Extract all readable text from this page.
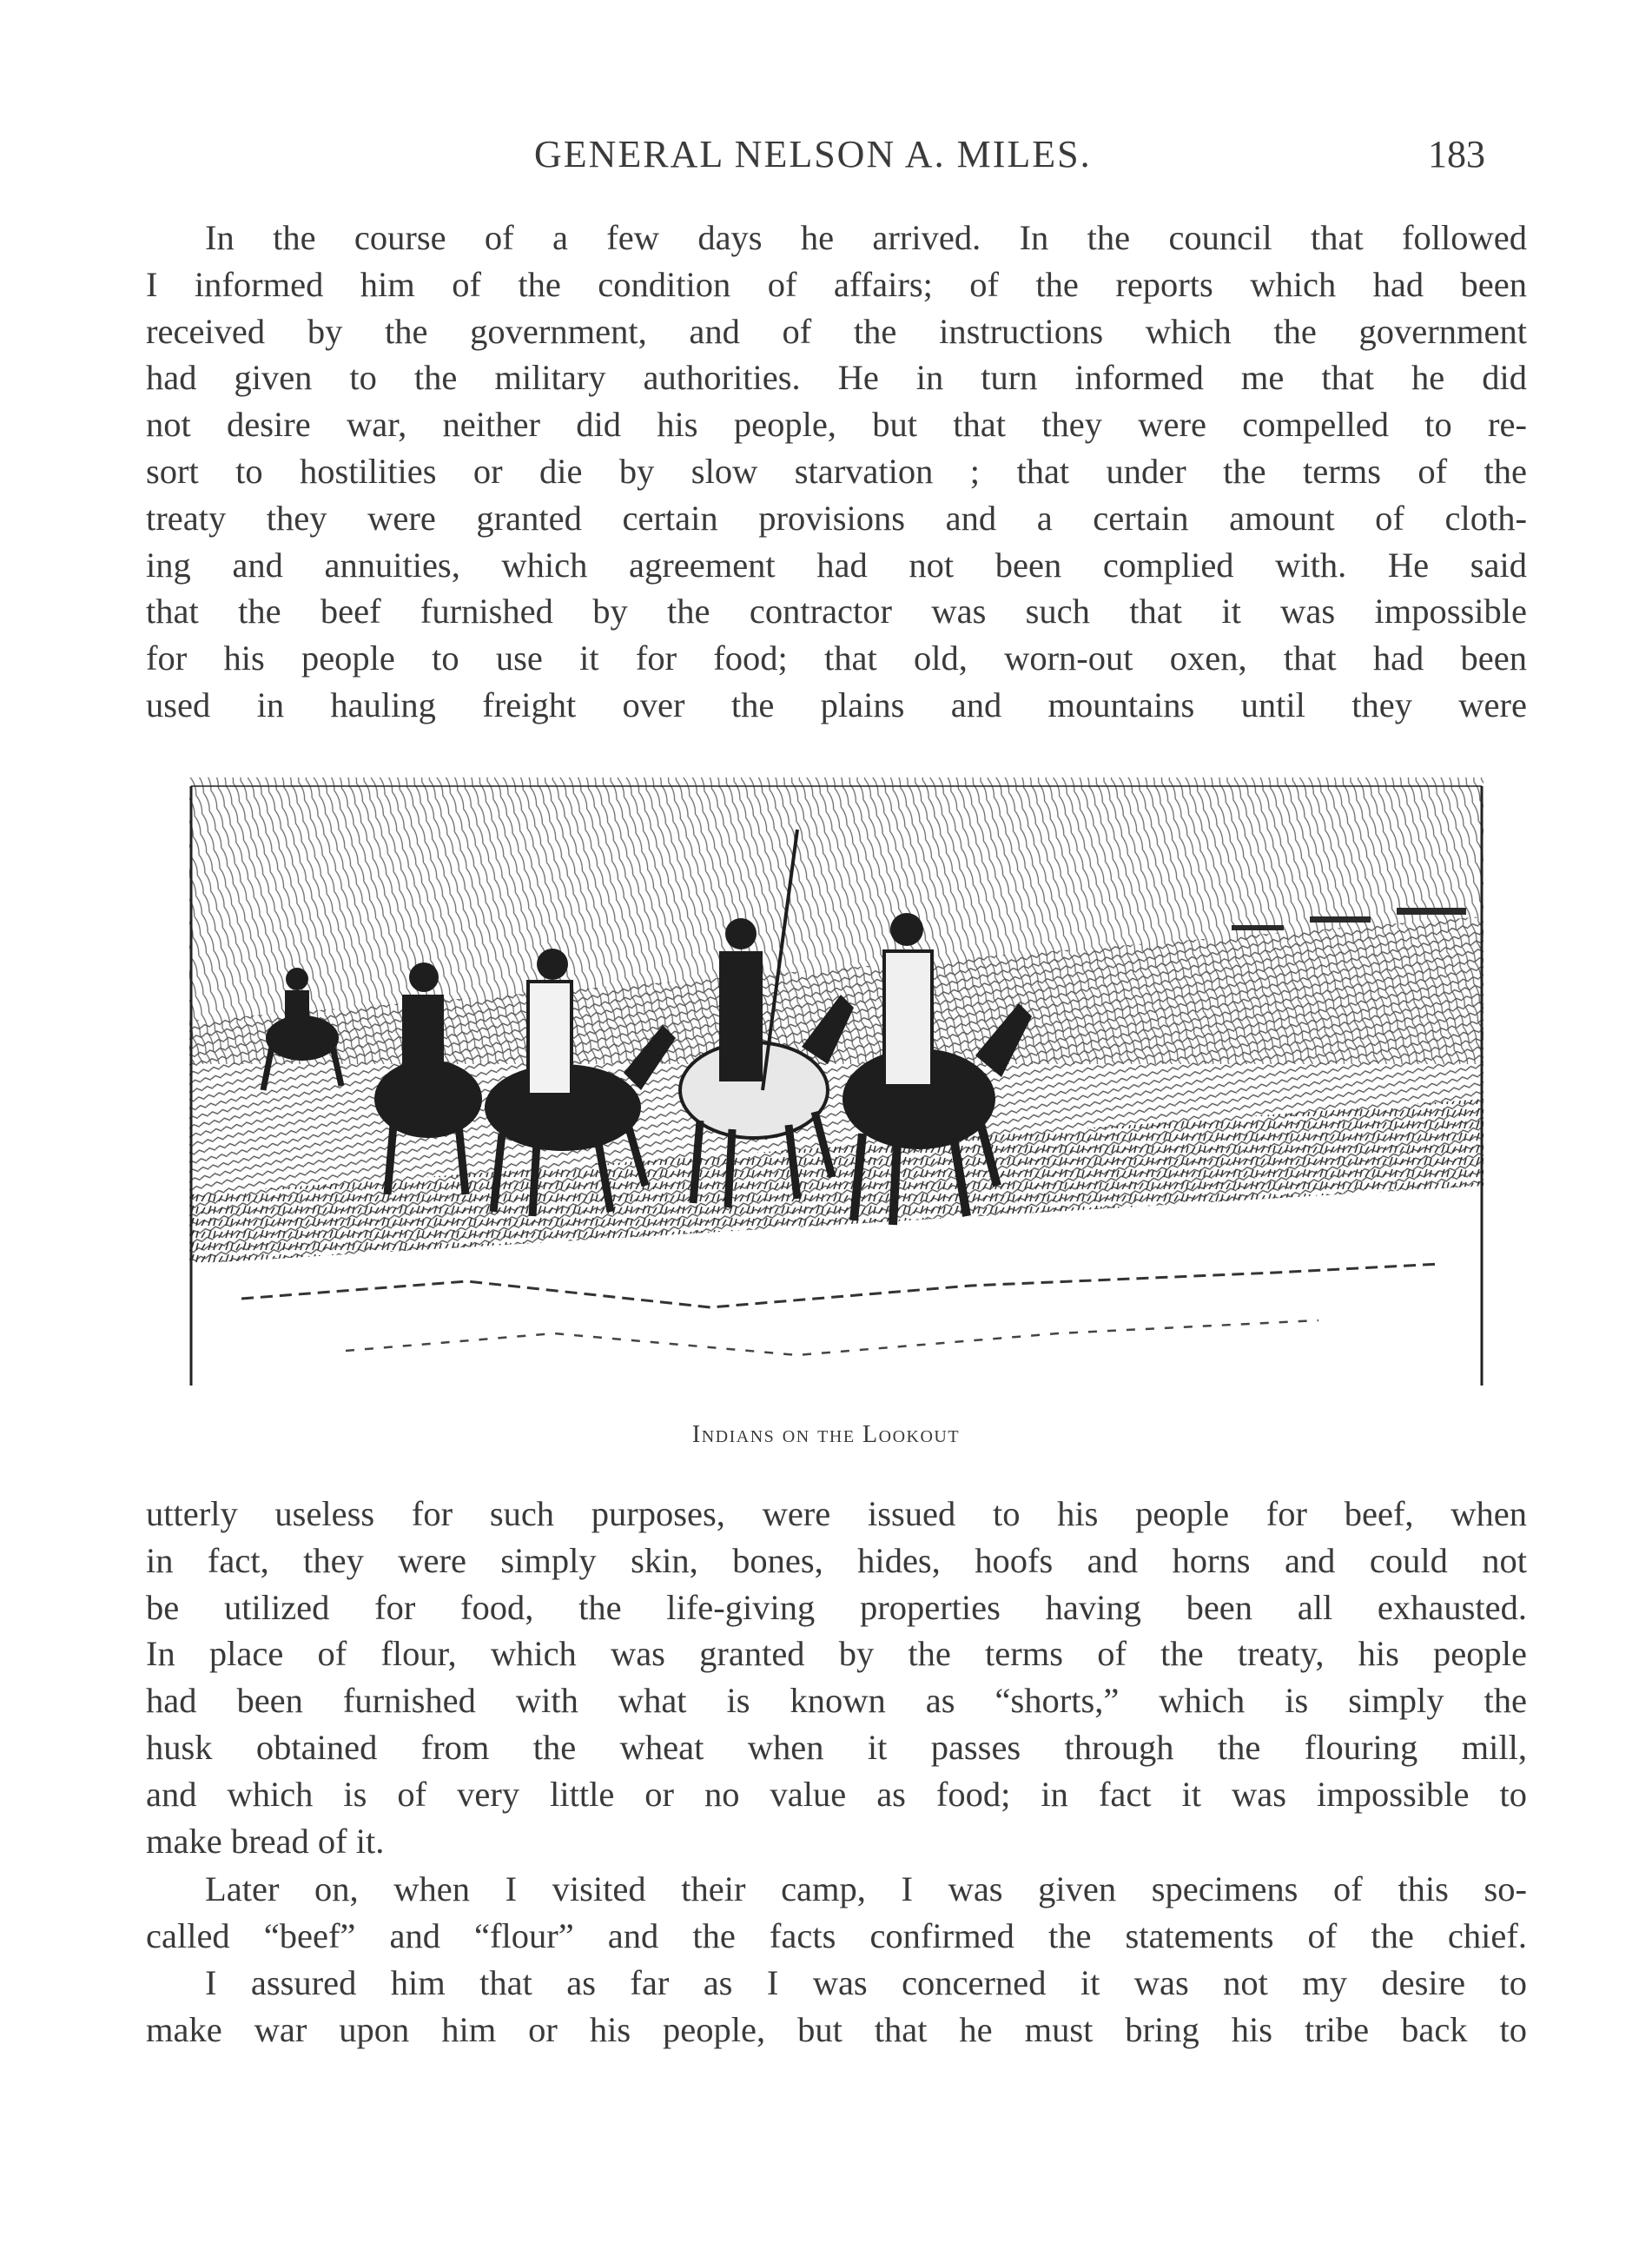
GENERAL NELSON A. MILES.	183
In the course of a few days he arrived. In the council that followed
I informed him of the condition of affairs; of the reports which had been
received by the government, and of the instructions which the government
had given to the military authorities. He in turn informed me that he did
not desire war, neither did his people, but that they were compelled to re-
sort to hostilities or die by slow starvation ; that under the terms of the
treaty they were granted certain provisions and a certain amount of cloth-
ing and annuities, which agreement had not been complied with. He said
that the beef furnished by the contractor was such that it was impossible
for his people to use it for food; that old, worn-out oxen, that had been
used in hauling freight over the plains and mountains until they were
Indians on the Lookout
utterly useless for such purposes, were issued to his people for beef, when
in fact, they were simply skin, bones, hides, hoofs and horns and could not
be utilized for food, the life-giving properties having been all exhausted.
In place of flour, which was granted by the terms of the treaty, his people
had been furnished with what is known as “shorts,” which is simply the
husk obtained from the wheat when it passes through the flouring mill,
and which is of very little or no value as food; in fact it was impossible to
make bread of it.
Later on, when I visited their camp, I was given specimens of this so-
called “beef” and “flour” and the facts confirmed the statements of the chief.
I assured him that as far as I was concerned it was not my desire to
make war upon him or his people, but that he must bring his tribe back to
